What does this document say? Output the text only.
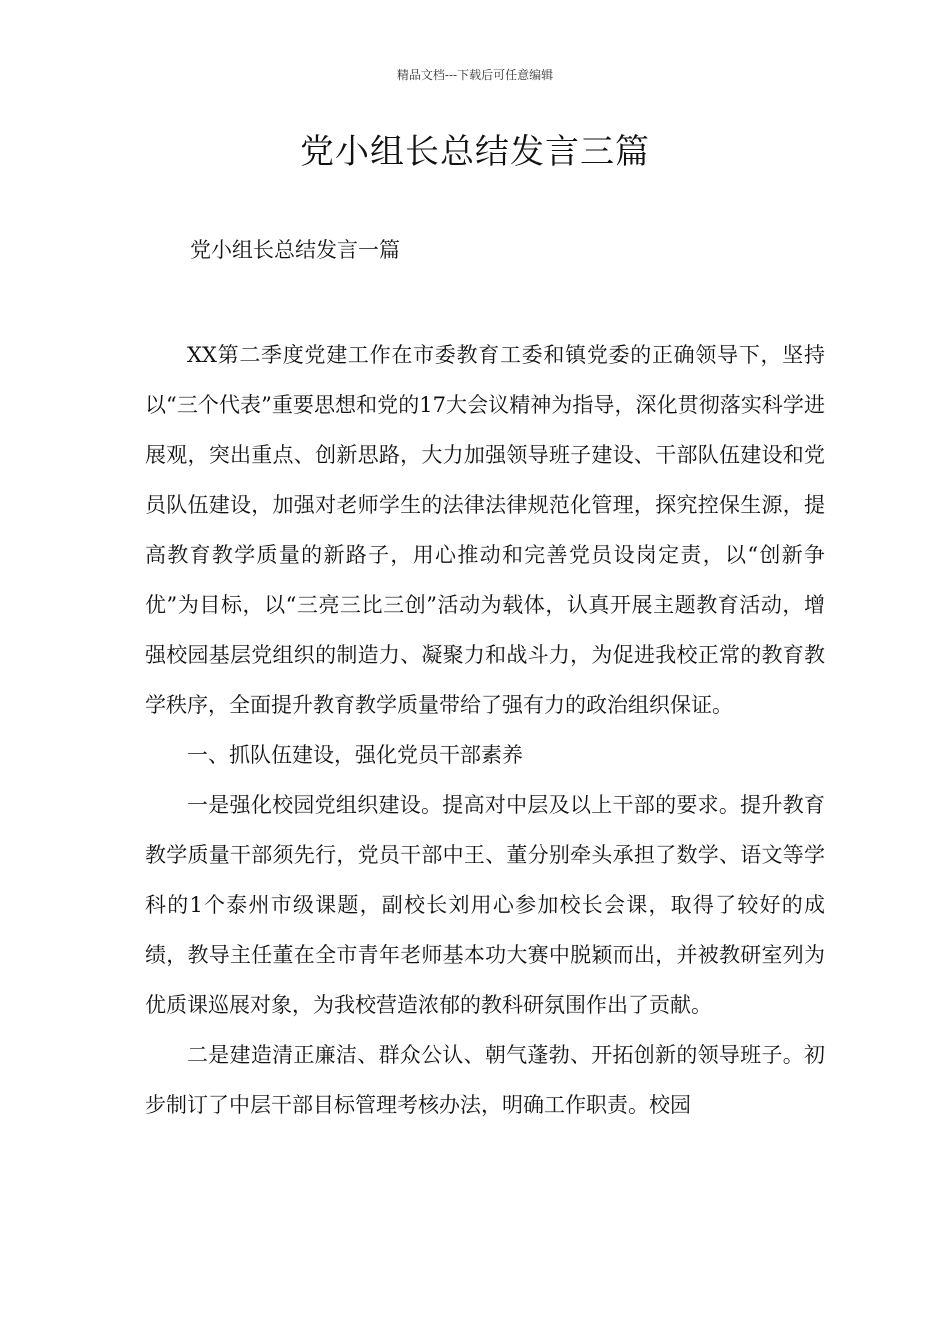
精品文档---下载后可任意编辑
党小组长总结发言三篇
党小组长总结发言一篇

XX第二季度党建工作在市委教育工委和镇党委的正确领导下，坚持以“三个代表”重要思想和党的17大会议精神为指导，深化贯彻落实科学进展观，突出重点、创新思路，大力加强领导班子建设、干部队伍建设和党员队伍建设，加强对老师学生的法律法律规范化管理，探究控保生源，提高教育教学质量的新路子，用心推动和完善党员设岗定责，以“创新争优”为目标，以“三亮三比三创”活动为载体，认真开展主题教育活动，增强校园基层党组织的制造力、凝聚力和战斗力，为促进我校正常的教育教学秩序，全面提升教育教学质量带给了强有力的政治组织保证。

一、抓队伍建设，强化党员干部素养

一是强化校园党组织建设。提高对中层及以上干部的要求。提升教育教学质量干部须先行，党员干部中王、董分别牵头承担了数学、语文等学科的1个泰州市级课题，副校长刘用心参加校长会课，取得了较好的成绩，教导主任董在全市青年老师基本功大赛中脱颖而出，并被教研室列为优质课巡展对象，为我校营造浓郁的教科研氛围作出了贡献。

二是建造清正廉洁、群众公认、朝气蓬勃、开拓创新的领导班子。初步制订了中层干部目标管理考核办法，明确工作职责。校园
